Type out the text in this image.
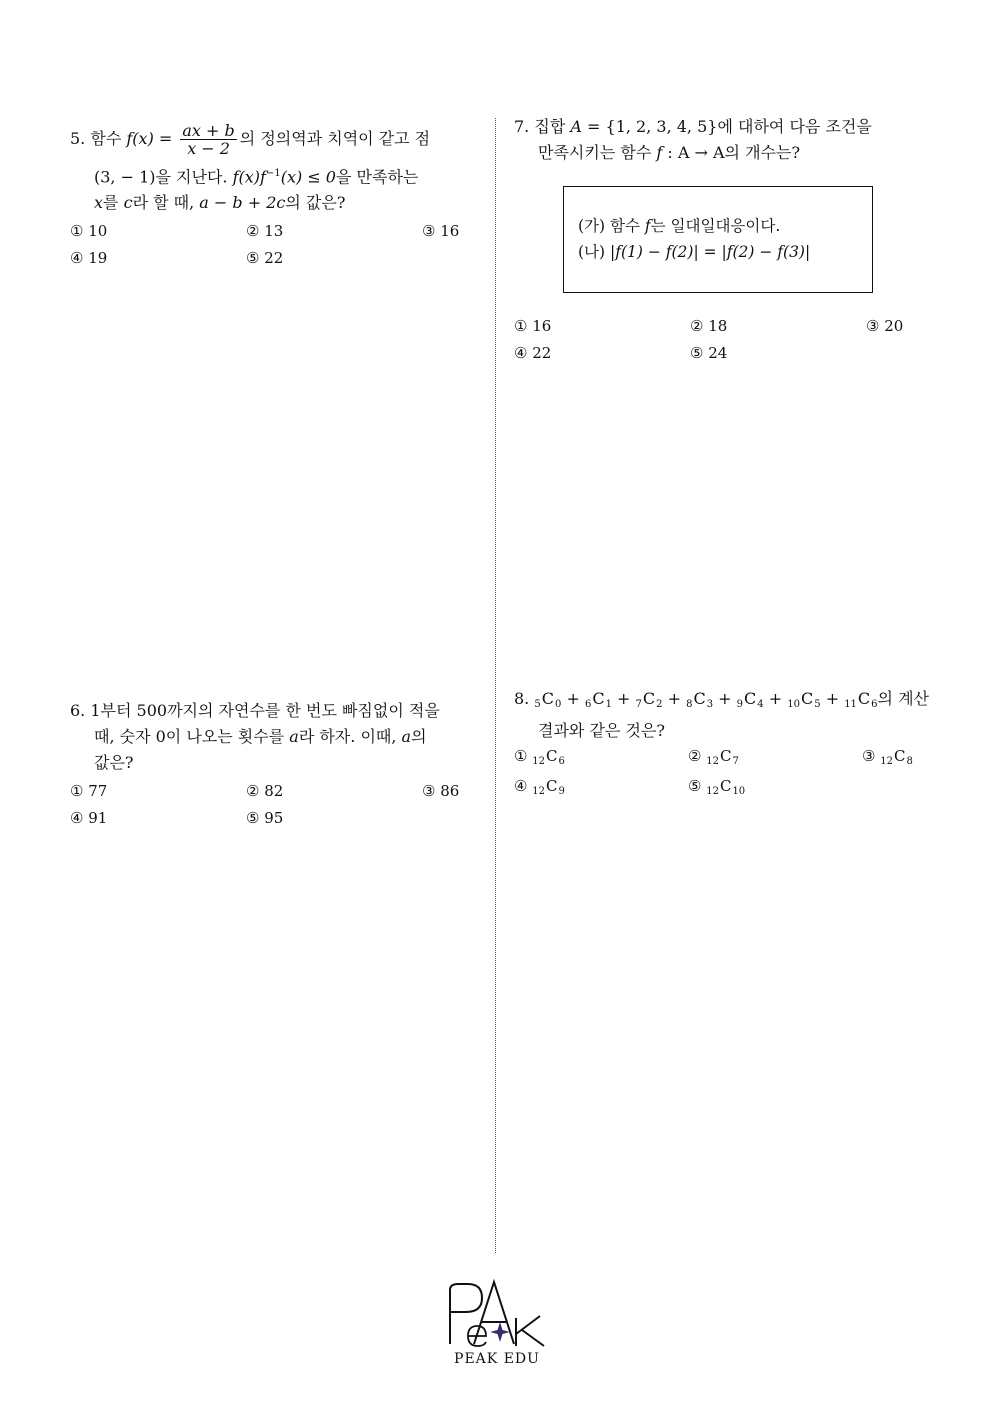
5. 함수 $f(x) = \frac{ax + b}{x - 2}$ 의 정의역과 치역이 같고 점
(3, − 1)을 지난다. $f(x)f^{-1}(x) \le 0$을 만족하는
x를 c라 할 때, a − b + 2c의 값은?
① 10	② 13	③ 16
④ 19	⑤ 22
6. 1부터 500까지의 자연수를 한 번도 빠짐없이 적을
때, 숫자 0이 나오는 횟수를 a라 하자. 이때, a의
값은?
① 77	② 82	③ 86
④ 91	⑤ 95
7. 집합 A = {1, 2, 3, 4, 5}에 대하여 다음 조건을
만족시키는 함수 f : A → A의 개수는?
(가) 함수 f는 일대일대응이다.
(나) |f(1) − f(2)| = |f(2) − f(3)|
① 16	② 18	③ 20
④ 22	⑤ 24
8. 5C0 + 6C1 + 7C2 + 8C3 + 9C4 + 10C5 + 11C6의 계산
결과와 같은 것은?
① $_{12}C_6$	② $_{12}C_7$	③ $_{12}C_8$
④ $_{12}C_9$	⑤ $_{12}C_{10}$
PEAK EDU
